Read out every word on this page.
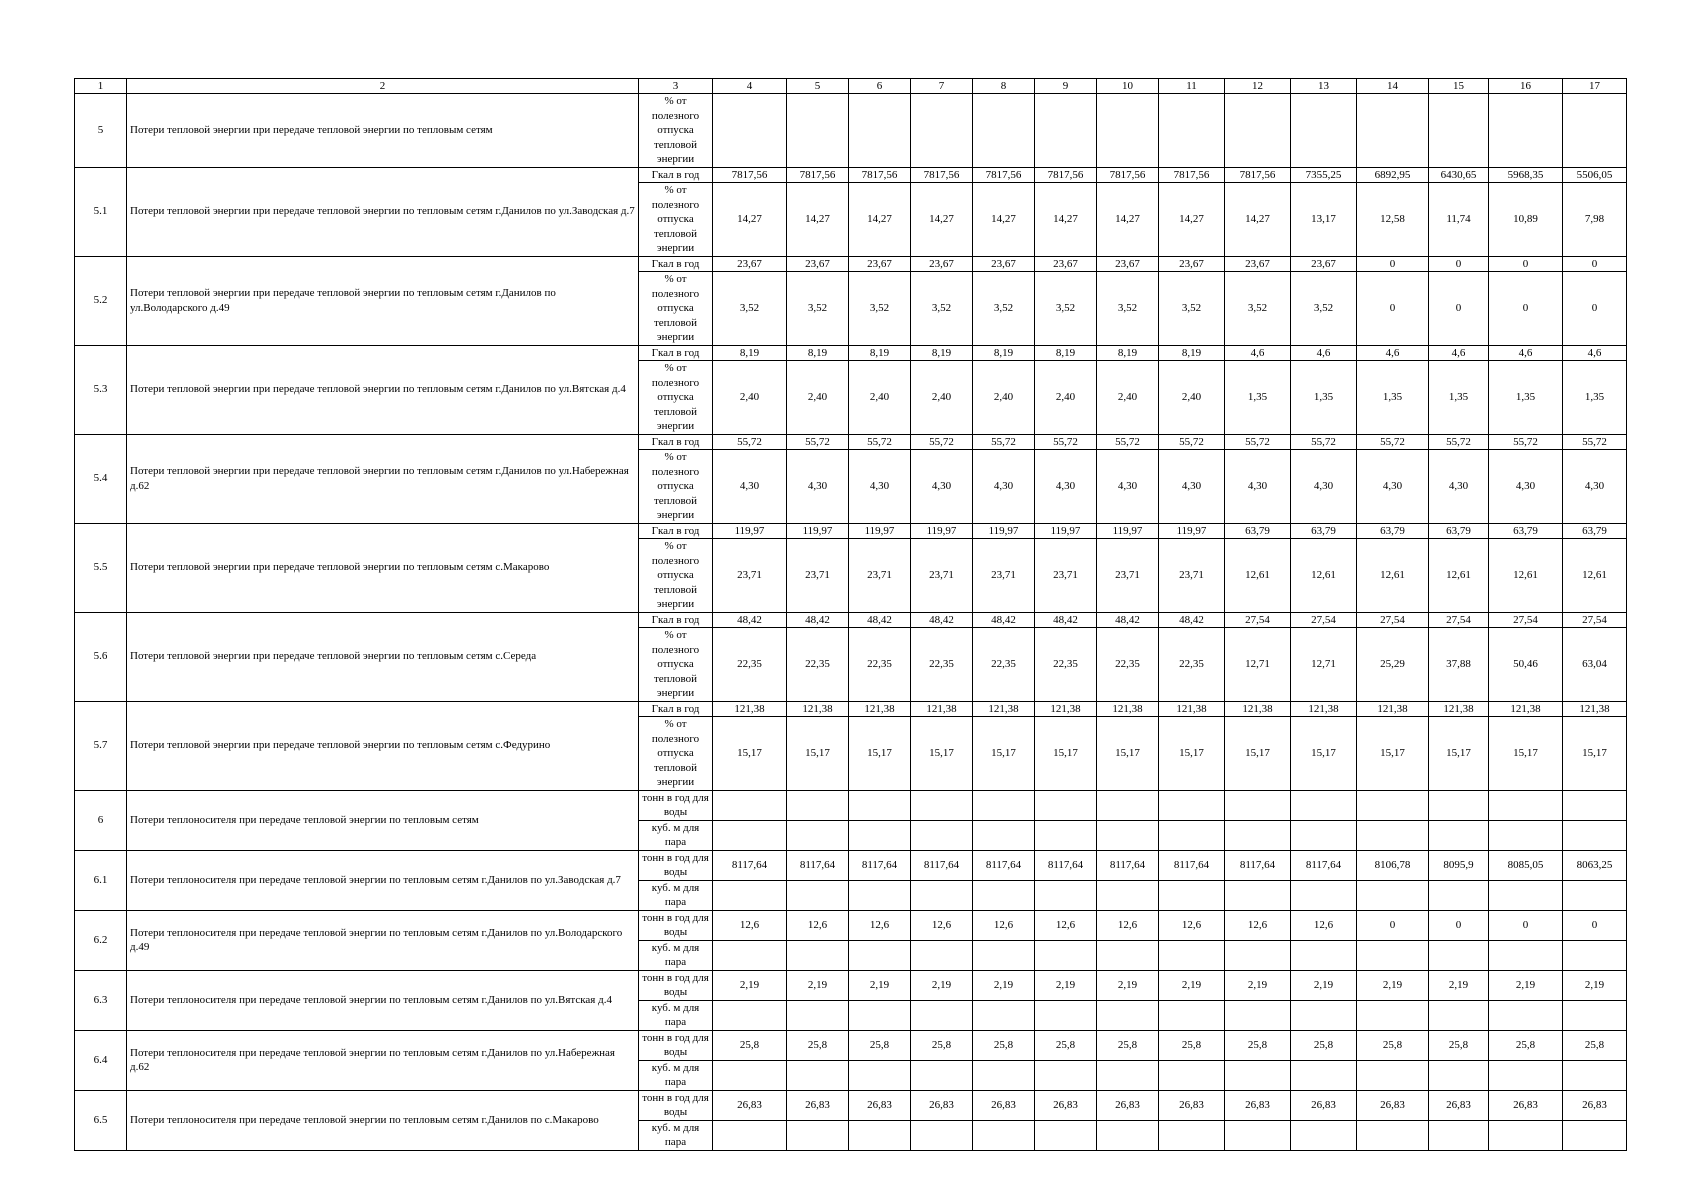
1	2	3	4	5	6	7	8	9	10	11	12	13	14	15	16	17
5	Потери тепловой энергии при передаче тепловой энергии по тепловым сетям	% от полезного отпуска тепловой энергии														
5.1	Потери тепловой энергии при передаче тепловой энергии по тепловым сетям г.Данилов по ул.Заводская д.7	Гкал в год	7817,56	7817,56	7817,56	7817,56	7817,56	7817,56	7817,56	7817,56	7817,56	7355,25	6892,95	6430,65	5968,35	5506,05
		% от полезного отпуска тепловой энергии	14,27	14,27	14,27	14,27	14,27	14,27	14,27	14,27	14,27	13,17	12,58	11,74	10,89	7,98
5.2	Потери тепловой энергии при передаче тепловой энергии по тепловым сетям г.Данилов по ул.Володарского д.49	Гкал в год	23,67	23,67	23,67	23,67	23,67	23,67	23,67	23,67	23,67	23,67	0	0	0	0
		% от полезного отпуска тепловой энергии	3,52	3,52	3,52	3,52	3,52	3,52	3,52	3,52	3,52	3,52	0	0	0	0
5.3	Потери тепловой энергии при передаче тепловой энергии по тепловым сетям г.Данилов по ул.Вятская д.4	Гкал в год	8,19	8,19	8,19	8,19	8,19	8,19	8,19	8,19	4,6	4,6	4,6	4,6	4,6	4,6
		% от полезного отпуска тепловой энергии	2,40	2,40	2,40	2,40	2,40	2,40	2,40	2,40	1,35	1,35	1,35	1,35	1,35	1,35
5.4	Потери тепловой энергии при передаче тепловой энергии по тепловым сетям г.Данилов по ул.Набережная д.62	Гкал в год	55,72	55,72	55,72	55,72	55,72	55,72	55,72	55,72	55,72	55,72	55,72	55,72	55,72	55,72
		% от полезного отпуска тепловой энергии	4,30	4,30	4,30	4,30	4,30	4,30	4,30	4,30	4,30	4,30	4,30	4,30	4,30	4,30
5.5	Потери тепловой энергии при передаче тепловой энергии по тепловым сетям с.Макарово	Гкал в год	119,97	119,97	119,97	119,97	119,97	119,97	119,97	119,97	63,79	63,79	63,79	63,79	63,79	63,79
		% от полезного отпуска тепловой энергии	23,71	23,71	23,71	23,71	23,71	23,71	23,71	23,71	12,61	12,61	12,61	12,61	12,61	12,61
5.6	Потери тепловой энергии при передаче тепловой энергии по тепловым сетям с.Середа	Гкал в год	48,42	48,42	48,42	48,42	48,42	48,42	48,42	48,42	27,54	27,54	27,54	27,54	27,54	27,54
		% от полезного отпуска тепловой энергии	22,35	22,35	22,35	22,35	22,35	22,35	22,35	22,35	12,71	12,71	25,29	37,88	50,46	63,04
5.7	Потери тепловой энергии при передаче тепловой энергии по тепловым сетям с.Федурино	Гкал в год	121,38	121,38	121,38	121,38	121,38	121,38	121,38	121,38	121,38	121,38	121,38	121,38	121,38	121,38
		% от полезного отпуска тепловой энергии	15,17	15,17	15,17	15,17	15,17	15,17	15,17	15,17	15,17	15,17	15,17	15,17	15,17	15,17
6	Потери теплоносителя при передаче тепловой энергии по тепловым сетям	тонн в год для воды														
		куб. м для пара														
6.1	Потери теплоносителя при передаче тепловой энергии по тепловым сетям г.Данилов по ул.Заводская д.7	тонн в год для воды	8117,64	8117,64	8117,64	8117,64	8117,64	8117,64	8117,64	8117,64	8117,64	8117,64	8106,78	8095,9	8085,05	8063,25
		куб. м для пара														
6.2	Потери теплоносителя при передаче тепловой энергии по тепловым сетям г.Данилов по ул.Володарского д.49	тонн в год для воды	12,6	12,6	12,6	12,6	12,6	12,6	12,6	12,6	12,6	12,6	0	0	0	0
		куб. м для пара														
6.3	Потери теплоносителя при передаче тепловой энергии по тепловым сетям г.Данилов по ул.Вятская д.4	тонн в год для воды	2,19	2,19	2,19	2,19	2,19	2,19	2,19	2,19	2,19	2,19	2,19	2,19	2,19	2,19
		куб. м для пара														
6.4	Потери теплоносителя при передаче тепловой энергии по тепловым сетям г.Данилов по ул.Набережная д.62	тонн в год для воды	25,8	25,8	25,8	25,8	25,8	25,8	25,8	25,8	25,8	25,8	25,8	25,8	25,8	25,8
		куб. м для пара														
6.5	Потери теплоносителя при передаче тепловой энергии по тепловым сетям г.Данилов по с.Макарово	тонн в год для воды	26,83	26,83	26,83	26,83	26,83	26,83	26,83	26,83	26,83	26,83	26,83	26,83	26,83	26,83
		куб. м для пара														
